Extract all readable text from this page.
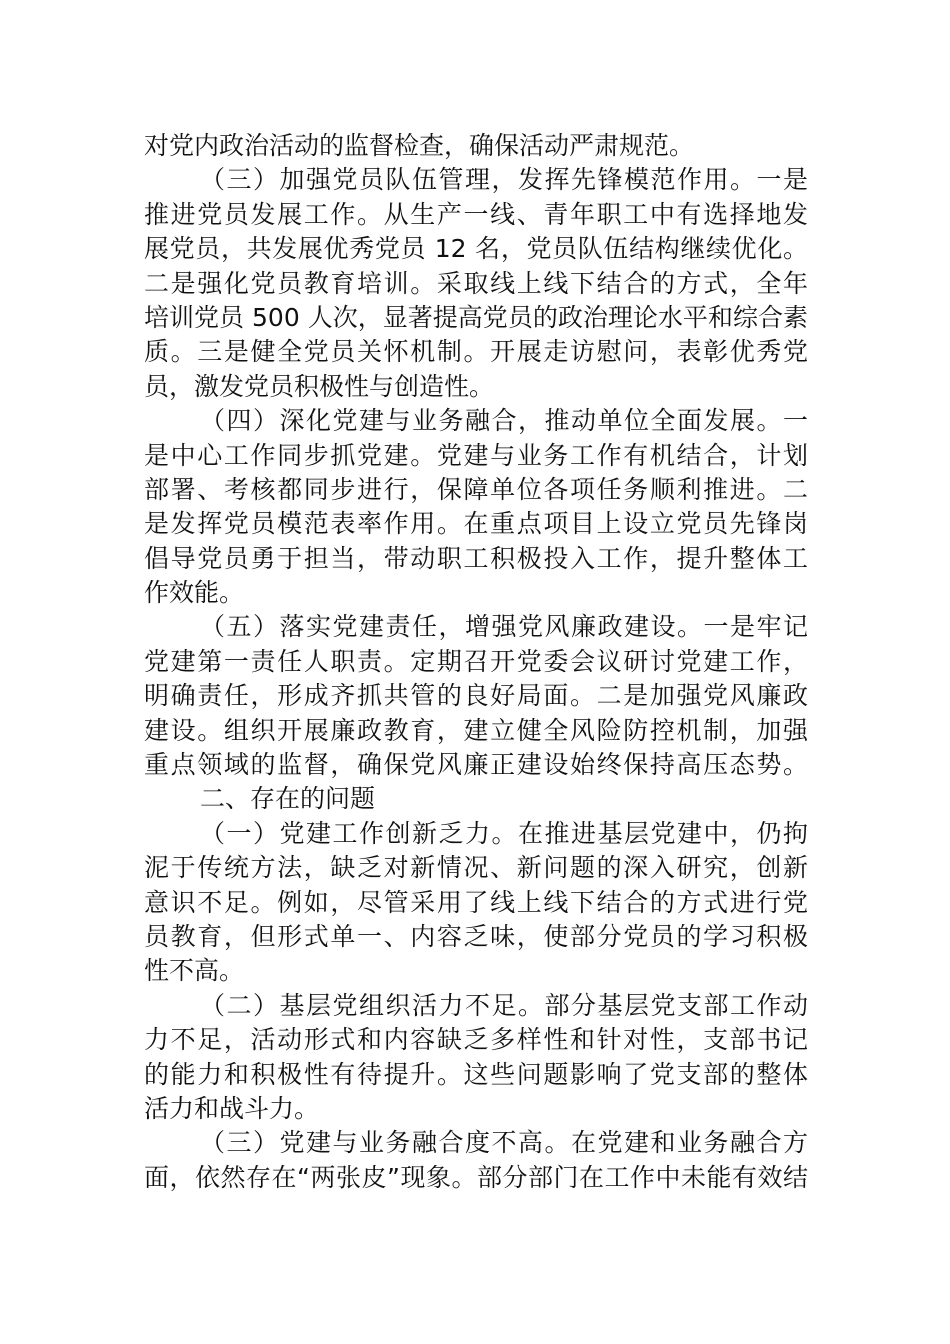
对党内政治活动的监督检查，确保活动严肃规范。
（三）加强党员队伍管理，发挥先锋模范作用。一是
推进党员发展工作。从生产一线、青年职工中有选择地发
展党员，共发展优秀党员 12 名，党员队伍结构继续优化。
二是强化党员教育培训。采取线上线下结合的方式，全年
培训党员 500 人次，显著提高党员的政治理论水平和综合素
质。三是健全党员关怀机制。开展走访慰问，表彰优秀党
员，激发党员积极性与创造性。
（四）深化党建与业务融合，推动单位全面发展。一
是中心工作同步抓党建。党建与业务工作有机结合，计划
部署、考核都同步进行，保障单位各项任务顺利推进。二
是发挥党员模范表率作用。在重点项目上设立党员先锋岗
倡导党员勇于担当，带动职工积极投入工作，提升整体工
作效能。
（五）落实党建责任，增强党风廉政建设。一是牢记
党建第一责任人职责。定期召开党委会议研讨党建工作，
明确责任，形成齐抓共管的良好局面。二是加强党风廉政
建设。组织开展廉政教育，建立健全风险防控机制，加强
重点领域的监督，确保党风廉正建设始终保持高压态势。
二、存在的问题
（一）党建工作创新乏力。在推进基层党建中，仍拘
泥于传统方法，缺乏对新情况、新问题的深入研究，创新
意识不足。例如，尽管采用了线上线下结合的方式进行党
员教育，但形式单一、内容乏味，使部分党员的学习积极
性不高。
（二）基层党组织活力不足。部分基层党支部工作动
力不足，活动形式和内容缺乏多样性和针对性，支部书记
的能力和积极性有待提升。这些问题影响了党支部的整体
活力和战斗力。
（三）党建与业务融合度不高。在党建和业务融合方
面，依然存在“两张皮”现象。部分部门在工作中未能有效结
